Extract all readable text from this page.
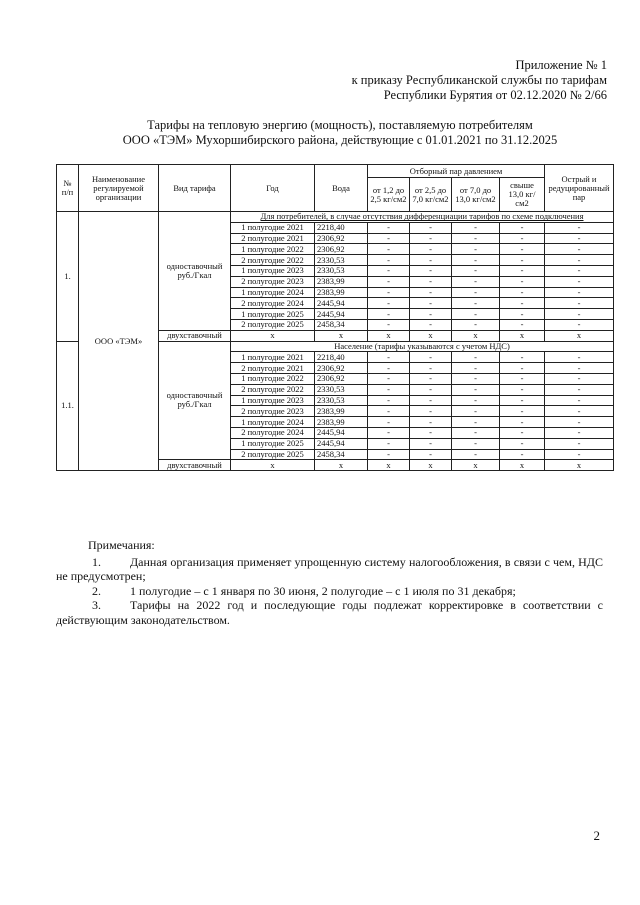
Приложение № 1
к приказу Республиканской службы по тарифам
Республики Бурятия от 02.12.2020 № 2/66
Тарифы на тепловую энергию (мощность), поставляемую потребителям
ООО «ТЭМ» Мухоршибирского района, действующие с 01.01.2021 по 31.12.2025
№ п/п	Наименование регулируемой организации	Вид тарифа	Год	Вода	Отборный пар давлением				Острый и редуцированный пар
					от 1,2 до 2,5 кг/см2	от 2,5 до 7,0 кг/см2	от 7,0 до 13,0 кг/см2	свыше 13,0 кг/см2	
1.	ООО «ТЭМ»	одноставочный руб./Гкал	Для потребителей, в случае отсутствия дифференциации тарифов по схеме подключения						
			1 полугодие 2021	2218,40	-	-	-	-	-
			2 полугодие 2021	2306,92	-	-	-	-	-
			1 полугодие 2022	2306,92	-	-	-	-	-
			2 полугодие 2022	2330,53	-	-	-	-	-
			1 полугодие 2023	2330,53	-	-	-	-	-
			2 полугодие 2023	2383,99	-	-	-	-	-
			1 полугодие 2024	2383,99	-	-	-	-	-
			2 полугодие 2024	2445,94	-	-	-	-	-
			1 полугодие 2025	2445,94	-	-	-	-	-
			2 полугодие 2025	2458,34	-	-	-	-	-
		двухставочный	х	х	х	х	х	х	х
1.1.		одноставочный руб./Гкал	Население (тарифы указываются с учетом НДС)						
			1 полугодие 2021	2218,40	-	-	-	-	-
			2 полугодие 2021	2306,92	-	-	-	-	-
			1 полугодие 2022	2306,92	-	-	-	-	-
			2 полугодие 2022	2330,53	-	-	-	-	-
			1 полугодие 2023	2330,53	-	-	-	-	-
			2 полугодие 2023	2383,99	-	-	-	-	-
			1 полугодие 2024	2383,99	-	-	-	-	-
			2 полугодие 2024	2445,94	-	-	-	-	-
			1 полугодие 2025	2445,94	-	-	-	-	-
			2 полугодие 2025	2458,34	-	-	-	-	-
		двухставочный	х	х	х	х	х	х	х
Примечания:
1.	Данная организация применяет упрощенную систему налогообложения, в связи с чем, НДС не предусмотрен;
2.	1 полугодие – с 1 января по 30 июня, 2 полугодие – с 1 июля по 31 декабря;
3.	Тарифы на 2022 год и последующие годы подлежат корректировке в соответствии с действующим законодательством.
2
